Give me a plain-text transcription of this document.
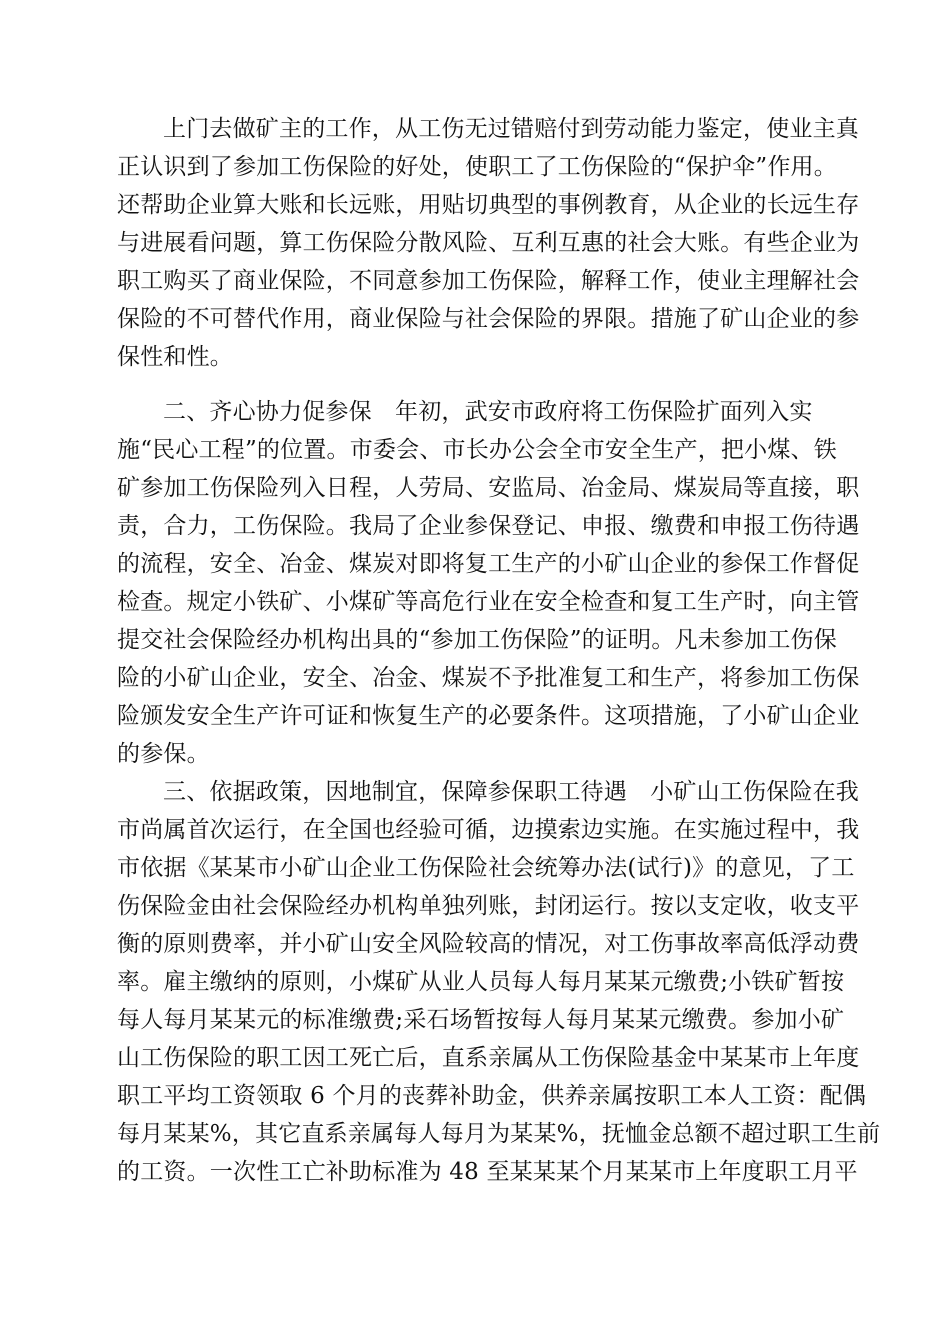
上门去做矿主的工作，从工伤无过错赔付到劳动能力鉴定，使业主真
正认识到了参加工伤保险的好处，使职工了工伤保险的“保护伞”作用。
还帮助企业算大账和长远账，用贴切典型的事例教育，从企业的长远生存
与进展看问题，算工伤保险分散风险、互利互惠的社会大账。有些企业为
职工购买了商业保险，不同意参加工伤保险，解释工作，使业主理解社会
保险的不可替代作用，商业保险与社会保险的界限。措施了矿山企业的参
保性和性。
二、齐心协力促参保　年初，武安市政府将工伤保险扩面列入实
施“民心工程”的位置。市委会、市长办公会全市安全生产，把小煤、铁
矿参加工伤保险列入日程，人劳局、安监局、冶金局、煤炭局等直接，职
责，合力，工伤保险。我局了企业参保登记、申报、缴费和申报工伤待遇
的流程，安全、冶金、煤炭对即将复工生产的小矿山企业的参保工作督促
检查。规定小铁矿、小煤矿等高危行业在安全检查和复工生产时，向主管
提交社会保险经办机构出具的“参加工伤保险”的证明。凡未参加工伤保
险的小矿山企业，安全、冶金、煤炭不予批准复工和生产，将参加工伤保
险颁发安全生产许可证和恢复生产的必要条件。这项措施，了小矿山企业
的参保。
三、依据政策，因地制宜，保障参保职工待遇　小矿山工伤保险在我
市尚属首次运行，在全国也经验可循，边摸索边实施。在实施过程中，我
市依据《某某市小矿山企业工伤保险社会统筹办法(试行)》的意见，了工
伤保险金由社会保险经办机构单独列账，封闭运行。按以支定收，收支平
衡的原则费率，并小矿山安全风险较高的情况，对工伤事故率高低浮动费
率。雇主缴纳的原则，小煤矿从业人员每人每月某某元缴费;小铁矿暂按
每人每月某某元的标准缴费;采石场暂按每人每月某某元缴费。参加小矿
山工伤保险的职工因工死亡后，直系亲属从工伤保险基金中某某市上年度
职工平均工资领取 6 个月的丧葬补助金，供养亲属按职工本人工资：配偶
每月某某%，其它直系亲属每人每月为某某%，抚恤金总额不超过职工生前
的工资。一次性工亡补助标准为 48 至某某某个月某某市上年度职工月平
